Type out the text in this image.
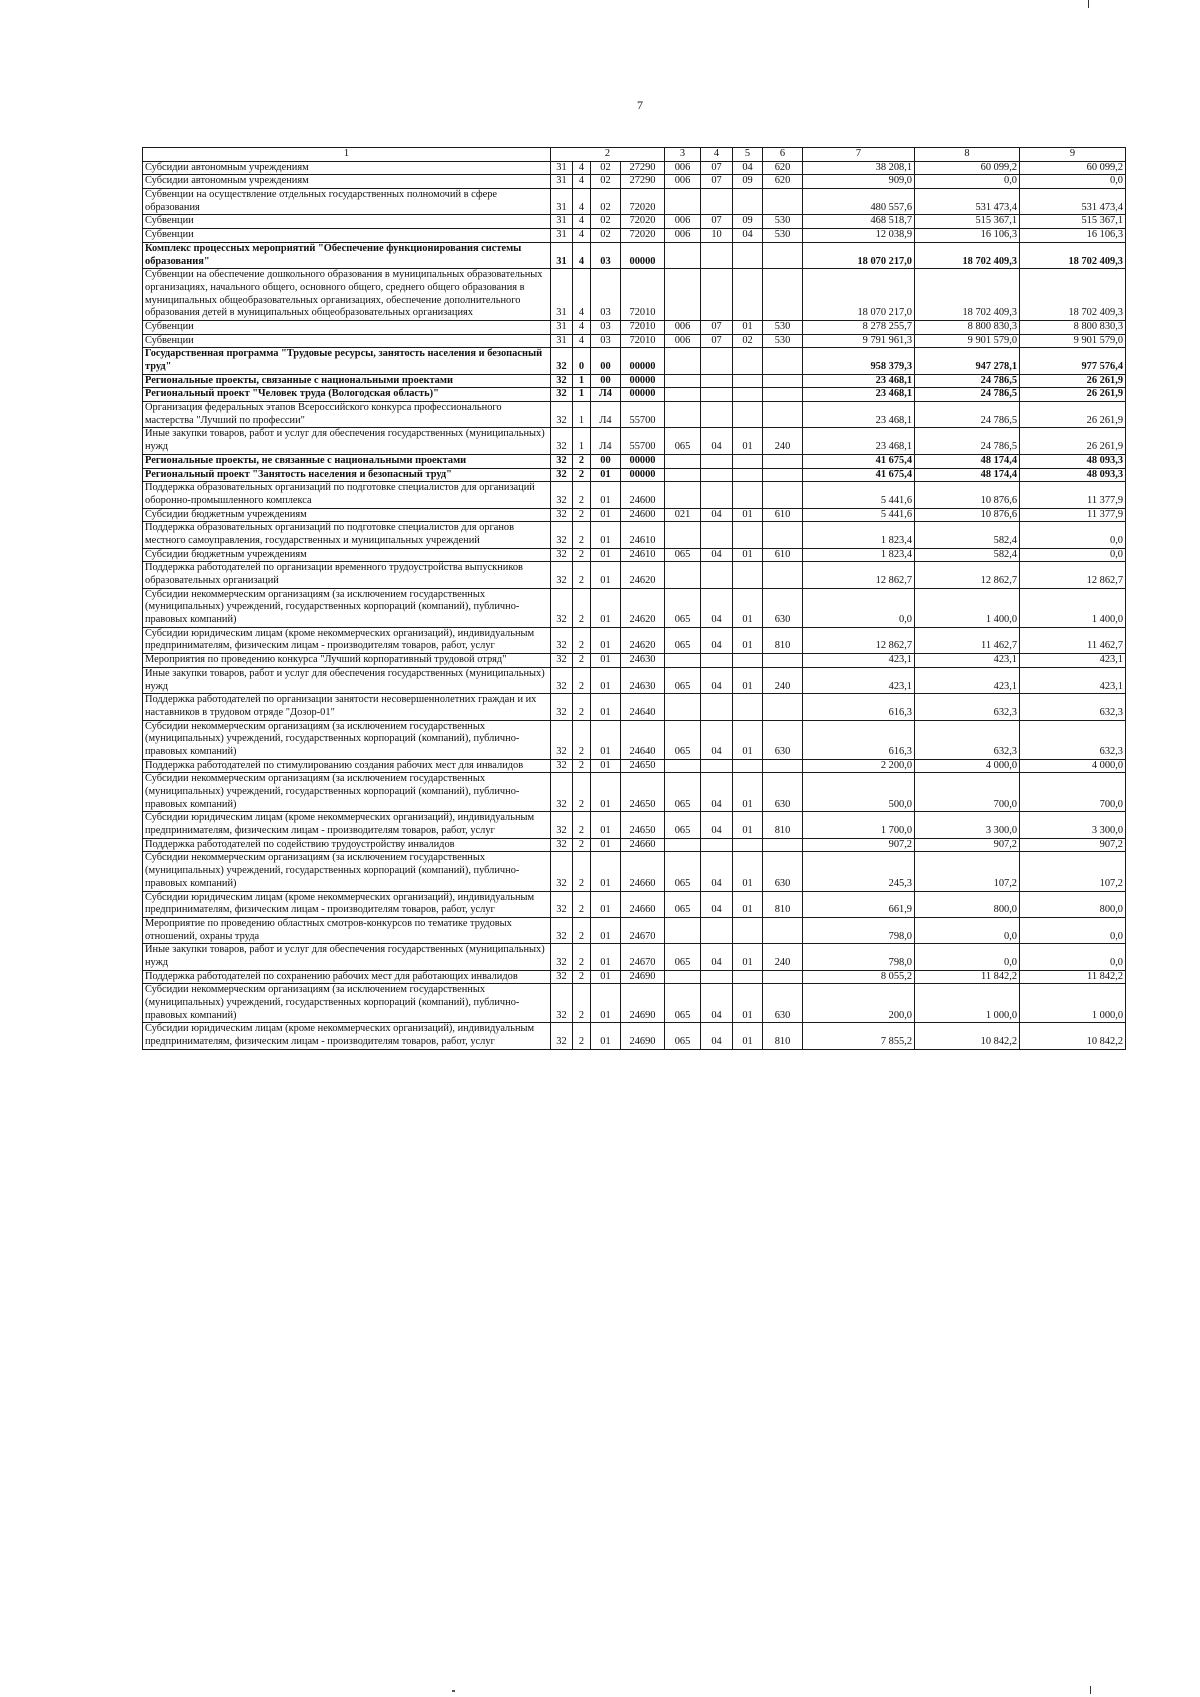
7
1	2				3	4	5	6	7	8	9
Субсидии автономным учреждениям	31	4	02	27290	006	07	04	620	38 208,1	60 099,2	60 099,2
Субсидии автономным учреждениям	31	4	02	27290	006	07	09	620	909,0	0,0	0,0
Субвенции на осуществление отдельных государственных полномочий в сфере образования	31	4	02	72020					480 557,6	531 473,4	531 473,4
Субвенции	31	4	02	72020	006	07	09	530	468 518,7	515 367,1	515 367,1
Субвенции	31	4	02	72020	006	10	04	530	12 038,9	16 106,3	16 106,3
Комплекс процессных мероприятий "Обеспечение функционирования системы образования"	31	4	03	00000					18 070 217,0	18 702 409,3	18 702 409,3
Субвенции на обеспечение дошкольного образования в муниципальных образовательных организациях, начального общего, основного общего, среднего общего образования в муниципальных общеобразовательных организациях, обеспечение дополнительного образования детей в муниципальных общеобразовательных организациях	31	4	03	72010					18 070 217,0	18 702 409,3	18 702 409,3
Субвенции	31	4	03	72010	006	07	01	530	8 278 255,7	8 800 830,3	8 800 830,3
Субвенции	31	4	03	72010	006	07	02	530	9 791 961,3	9 901 579,0	9 901 579,0
Государственная программа "Трудовые ресурсы, занятость населения и безопасный труд"	32	0	00	00000					958 379,3	947 278,1	977 576,4
Региональные проекты, связанные с национальными проектами	32	1	00	00000					23 468,1	24 786,5	26 261,9
Региональный проект "Человек труда (Вологодская область)"	32	1	Л4	00000					23 468,1	24 786,5	26 261,9
Организация федеральных этапов Всероссийского конкурса профессионального мастерства "Лучший по профессии"	32	1	Л4	55700					23 468,1	24 786,5	26 261,9
Иные закупки товаров, работ и услуг для обеспечения государственных (муниципальных) нужд	32	1	Л4	55700	065	04	01	240	23 468,1	24 786,5	26 261,9
Региональные проекты, не связанные с национальными проектами	32	2	00	00000					41 675,4	48 174,4	48 093,3
Региональный проект "Занятость населения и безопасный труд"	32	2	01	00000					41 675,4	48 174,4	48 093,3
Поддержка образовательных организаций по подготовке специалистов для организаций оборонно-промышленного комплекса	32	2	01	24600					5 441,6	10 876,6	11 377,9
Субсидии бюджетным учреждениям	32	2	01	24600	021	04	01	610	5 441,6	10 876,6	11 377,9
Поддержка образовательных организаций по подготовке специалистов для органов местного самоуправления, государственных и муниципальных учреждений	32	2	01	24610					1 823,4	582,4	0,0
Субсидии бюджетным учреждениям	32	2	01	24610	065	04	01	610	1 823,4	582,4	0,0
Поддержка работодателей по организации временного трудоустройства выпускников образовательных организаций	32	2	01	24620					12 862,7	12 862,7	12 862,7
Субсидии некоммерческим организациям (за исключением государственных (муниципальных) учреждений, государственных корпораций (компаний), публично-правовых компаний)	32	2	01	24620	065	04	01	630	0,0	1 400,0	1 400,0
Субсидии юридическим лицам (кроме некоммерческих организаций), индивидуальным предпринимателям, физическим лицам - производителям товаров, работ, услуг	32	2	01	24620	065	04	01	810	12 862,7	11 462,7	11 462,7
Мероприятия по проведению конкурса "Лучший корпоративный трудовой отряд"	32	2	01	24630					423,1	423,1	423,1
Иные закупки товаров, работ и услуг для обеспечения государственных (муниципальных) нужд	32	2	01	24630	065	04	01	240	423,1	423,1	423,1
Поддержка работодателей по организации занятости несовершеннолетних граждан и их наставников в трудовом отряде "Дозор-01"	32	2	01	24640					616,3	632,3	632,3
Субсидии некоммерческим организациям (за исключением государственных (муниципальных) учреждений, государственных корпораций (компаний), публично-правовых компаний)	32	2	01	24640	065	04	01	630	616,3	632,3	632,3
Поддержка работодателей по стимулированию создания рабочих мест для инвалидов	32	2	01	24650					2 200,0	4 000,0	4 000,0
Субсидии некоммерческим организациям (за исключением государственных (муниципальных) учреждений, государственных корпораций (компаний), публично-правовых компаний)	32	2	01	24650	065	04	01	630	500,0	700,0	700,0
Субсидии юридическим лицам (кроме некоммерческих организаций), индивидуальным предпринимателям, физическим лицам - производителям товаров, работ, услуг	32	2	01	24650	065	04	01	810	1 700,0	3 300,0	3 300,0
Поддержка работодателей по содействию трудоустройству инвалидов	32	2	01	24660					907,2	907,2	907,2
Субсидии некоммерческим организациям (за исключением государственных (муниципальных) учреждений, государственных корпораций (компаний), публично-правовых компаний)	32	2	01	24660	065	04	01	630	245,3	107,2	107,2
Субсидии юридическим лицам (кроме некоммерческих организаций), индивидуальным предпринимателям, физическим лицам - производителям товаров, работ, услуг	32	2	01	24660	065	04	01	810	661,9	800,0	800,0
Мероприятие по проведению областных смотров-конкурсов по тематике трудовых отношений, охраны труда	32	2	01	24670					798,0	0,0	0,0
Иные закупки товаров, работ и услуг для обеспечения государственных (муниципальных) нужд	32	2	01	24670	065	04	01	240	798,0	0,0	0,0
Поддержка работодателей по сохранению рабочих мест для работающих инвалидов	32	2	01	24690					8 055,2	11 842,2	11 842,2
Субсидии некоммерческим организациям (за исключением государственных (муниципальных) учреждений, государственных корпораций (компаний), публично-правовых компаний)	32	2	01	24690	065	04	01	630	200,0	1 000,0	1 000,0
Субсидии юридическим лицам (кроме некоммерческих организаций), индивидуальным предпринимателям, физическим лицам - производителям товаров, работ, услуг	32	2	01	24690	065	04	01	810	7 855,2	10 842,2	10 842,2
